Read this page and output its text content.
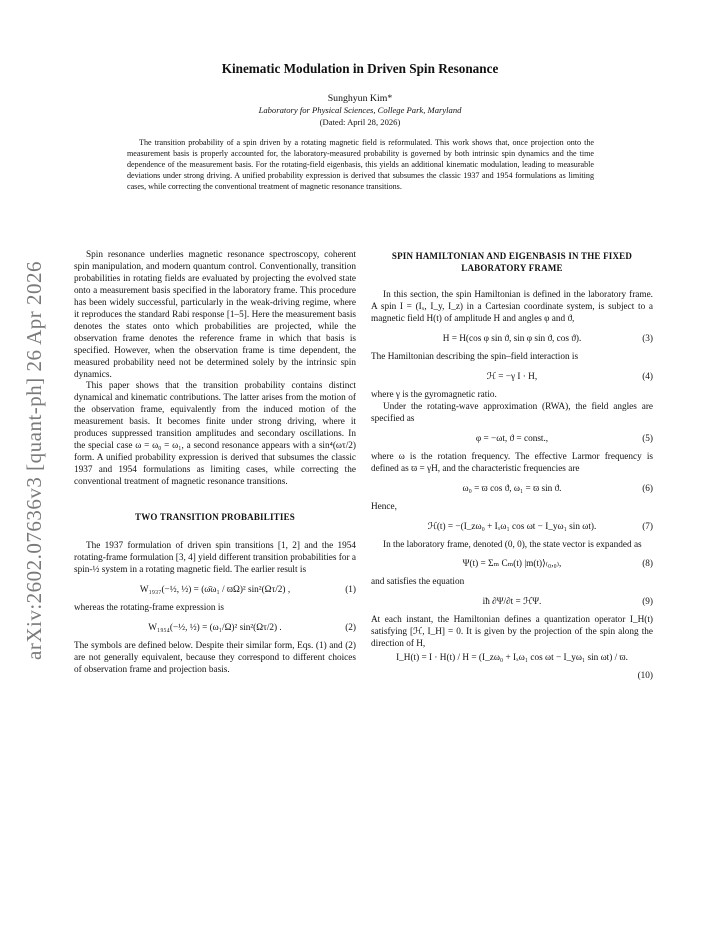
arXiv:2602.07636v3 [quant-ph] 26 Apr 2026
Kinematic Modulation in Driven Spin Resonance
Sunghyun Kim*
Laboratory for Physical Sciences, College Park, Maryland
(Dated: April 28, 2026)
The transition probability of a spin driven by a rotating magnetic field is reformulated. This work shows that, once projection onto the measurement basis is properly accounted for, the laboratory-measured probability is governed by both intrinsic spin dynamics and the time dependence of the measurement basis. For the rotating-field eigenbasis, this yields an additional kinematic modulation, leading to measurable deviations under strong driving. A unified probability expression is derived that subsumes the classic 1937 and 1954 formulations as limiting cases, while correcting the conventional treatment of magnetic resonance transitions.

Spin resonance underlies magnetic resonance spectroscopy, coherent spin manipulation, and modern quantum control. Conventionally, transition probabilities in rotating fields are evaluated by projecting the evolved state onto a measurement basis specified in the laboratory frame. This procedure has been widely successful, particularly in the weak-driving regime, where it reproduces the standard Rabi response [1–5]. Here the measurement basis denotes the states onto which probabilities are projected, while the observation frame denotes the reference frame in which that basis is specified. However, when the observation frame is time dependent, the measured probability need not be determined solely by the intrinsic spin dynamics.

This paper shows that the transition probability contains distinct dynamical and kinematic contributions. The latter arises from the motion of the observation frame, equivalently from the induced motion of the measurement basis. It becomes finite under strong driving, where it produces suppressed transition amplitudes and secondary oscillations. In the special case ω = ω₀ = ω₁, a second resonance appears with a sin⁴(ωτ/2) form. A unified probability expression is derived that subsumes the classic 1937 and 1954 formulations as limiting cases, while correcting the conventional treatment of magnetic resonance transitions.

TWO TRANSITION PROBABILITIES

The 1937 formulation of driven spin transitions [1, 2] and the 1954 rotating-frame formulation [3, 4] yield different transition probabilities for a spin-½ system in a rotating magnetic field. The earlier result is

W₁₉₃₇(−½, ½) = (ω̄ω₁ / ϖΩ)² sin²(Ωτ/2) ,	(1)

whereas the rotating-frame expression is

W₁₉₅₄(−½, ½) = (ω₁/Ω)² sin²(Ωτ/2) .	(2)

The symbols are defined below. Despite their similar form, Eqs. (1) and (2) are not generally equivalent, because they correspond to different choices of observation frame and projection basis.

SPIN HAMILTONIAN AND EIGENBASIS IN THE FIXED LABORATORY FRAME

In this section, the spin Hamiltonian is defined in the laboratory frame. A spin I = (Iₓ, I_y, I_z) in a Cartesian coordinate system, is subject to a magnetic field H(t) of amplitude H and angles φ and ϑ,

H = H(cos φ sin ϑ, sin φ sin ϑ, cos ϑ).	(3)

The Hamiltonian describing the spin–field interaction is

ℋ = −γ I · H,	(4)

where γ is the gyromagnetic ratio.

Under the rotating-wave approximation (RWA), the field angles are specified as

φ = −ωt, ϑ = const.,	(5)

where ω is the rotation frequency. The effective Larmor frequency is defined as ϖ = γH, and the characteristic frequencies are

ω₀ = ϖ cos ϑ, ω₁ = ϖ sin ϑ.	(6)

Hence,

ℋ(t) = −(I_zω₀ + Iₓω₁ cos ωt − I_yω₁ sin ωt).	(7)

In the laboratory frame, denoted (0, 0), the state vector is expanded as

Ψ(t) = Σₘ Cₘ(t) |m(t)⟩₍₀,₀₎,	(8)

and satisfies the equation

iħ ∂Ψ/∂t = ℋΨ.	(9)

At each instant, the Hamiltonian defines a quantization operator I_H(t) satisfying [ℋ, I_H] = 0. It is given by the projection of the spin along the direction of H,

I_H(t) = I · H(t) / H = (I_zω₀ + Iₓω₁ cos ωt − I_yω₁ sin ωt) / ϖ.
(10)
